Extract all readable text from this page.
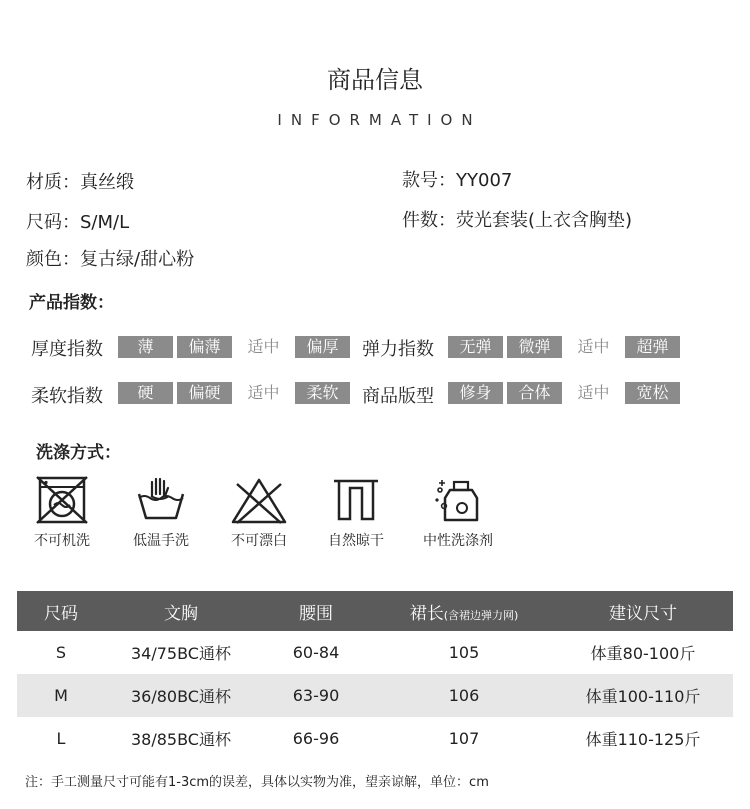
商品信息
INFORMATION
材质：真丝缎	款号：YY007
尺码：S/M/L	件数：荧光套装(上衣含胸垫)
颜色：复古绿/甜心粉
产品指数：
厚度指数	薄	偏薄	适中	偏厚	弹力指数	无弹	微弹	适中	超弹
柔软指数	硬	偏硬	适中	柔软	商品版型	修身	合体	适中	宽松
洗涤方式：
不可机洗	低温手洗	不可漂白	自然晾干	中性洗涤剂
尺码	文胸	腰围	裙长(含裙边弹力网)	建议尺寸
S	34/75BC通杯	60-84	105	体重80-100斤
M	36/80BC通杯	63-90	106	体重100-110斤
L	38/85BC通杯	66-96	107	体重110-125斤
注：手工测量尺寸可能有1-3cm的误差，具体以实物为准，望亲谅解，单位：cm
